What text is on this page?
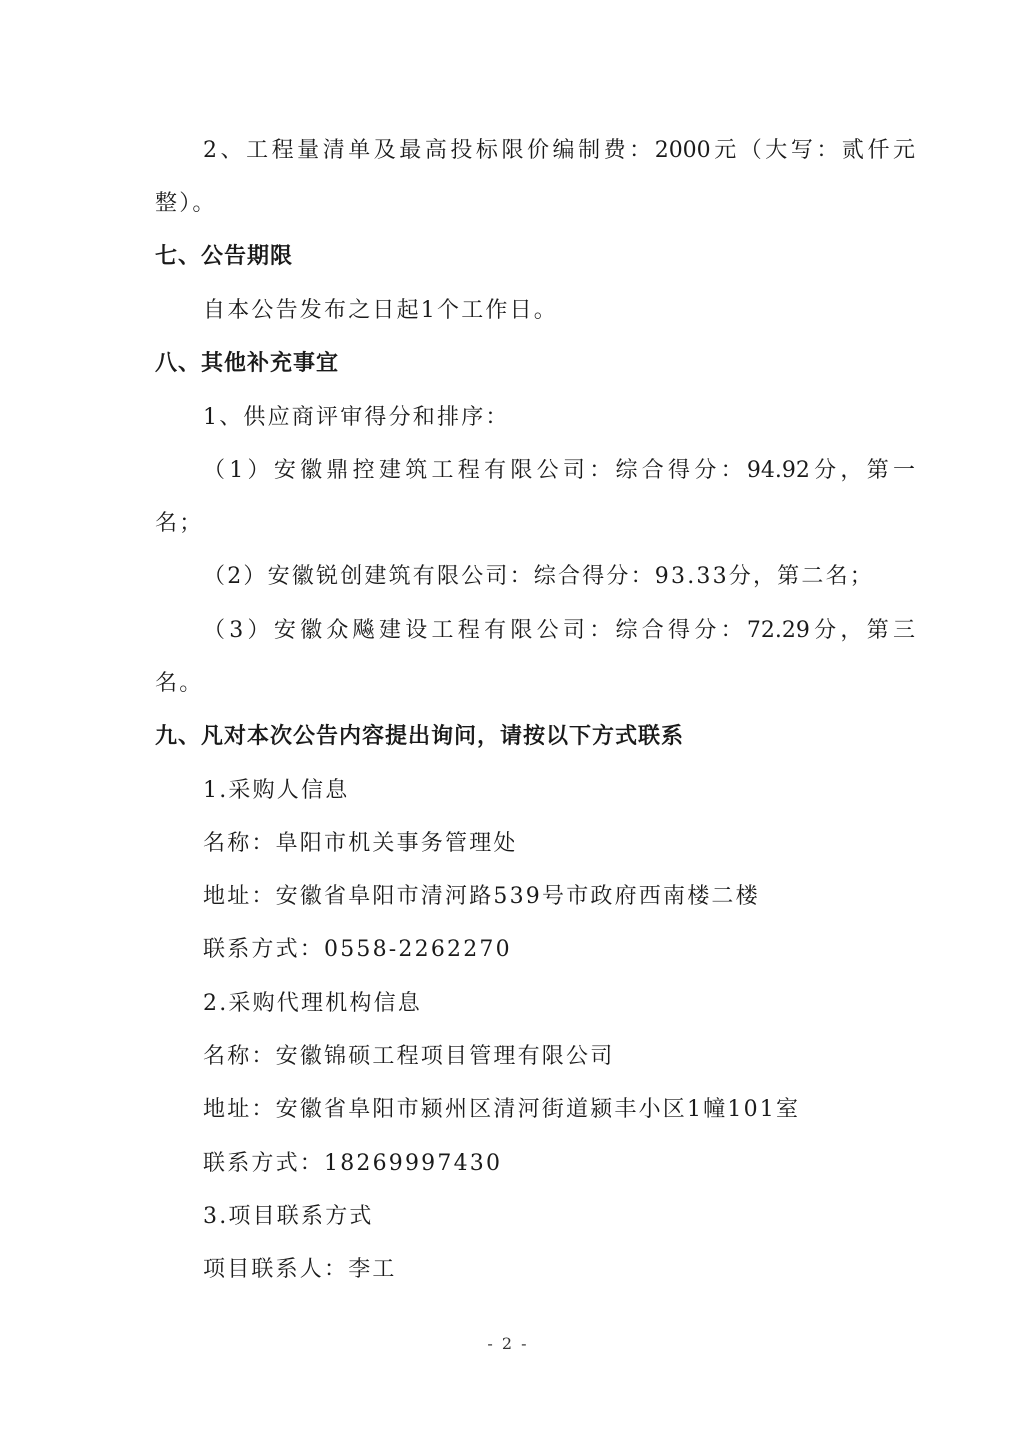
2、工程量清单及最高投标限价编制费：2000元（大写：贰仟元
整）。
七、公告期限
自本公告发布之日起1个工作日。
八、其他补充事宜
1、供应商评审得分和排序：
（1）安徽鼎控建筑工程有限公司：综合得分：94.92分，第一
名；
（2）安徽锐创建筑有限公司：综合得分：93.33分，第二名；
（3）安徽众飚建设工程有限公司：综合得分：72.29分，第三
名。
九、凡对本次公告内容提出询问，请按以下方式联系
1.采购人信息
名称：阜阳市机关事务管理处
地址：安徽省阜阳市清河路539号市政府西南楼二楼
联系方式：0558-2262270
2.采购代理机构信息
名称：安徽锦硕工程项目管理有限公司
地址：安徽省阜阳市颍州区清河街道颍丰小区1幢101室
联系方式：18269997430
3.项目联系方式
项目联系人：李工
- 2 -
